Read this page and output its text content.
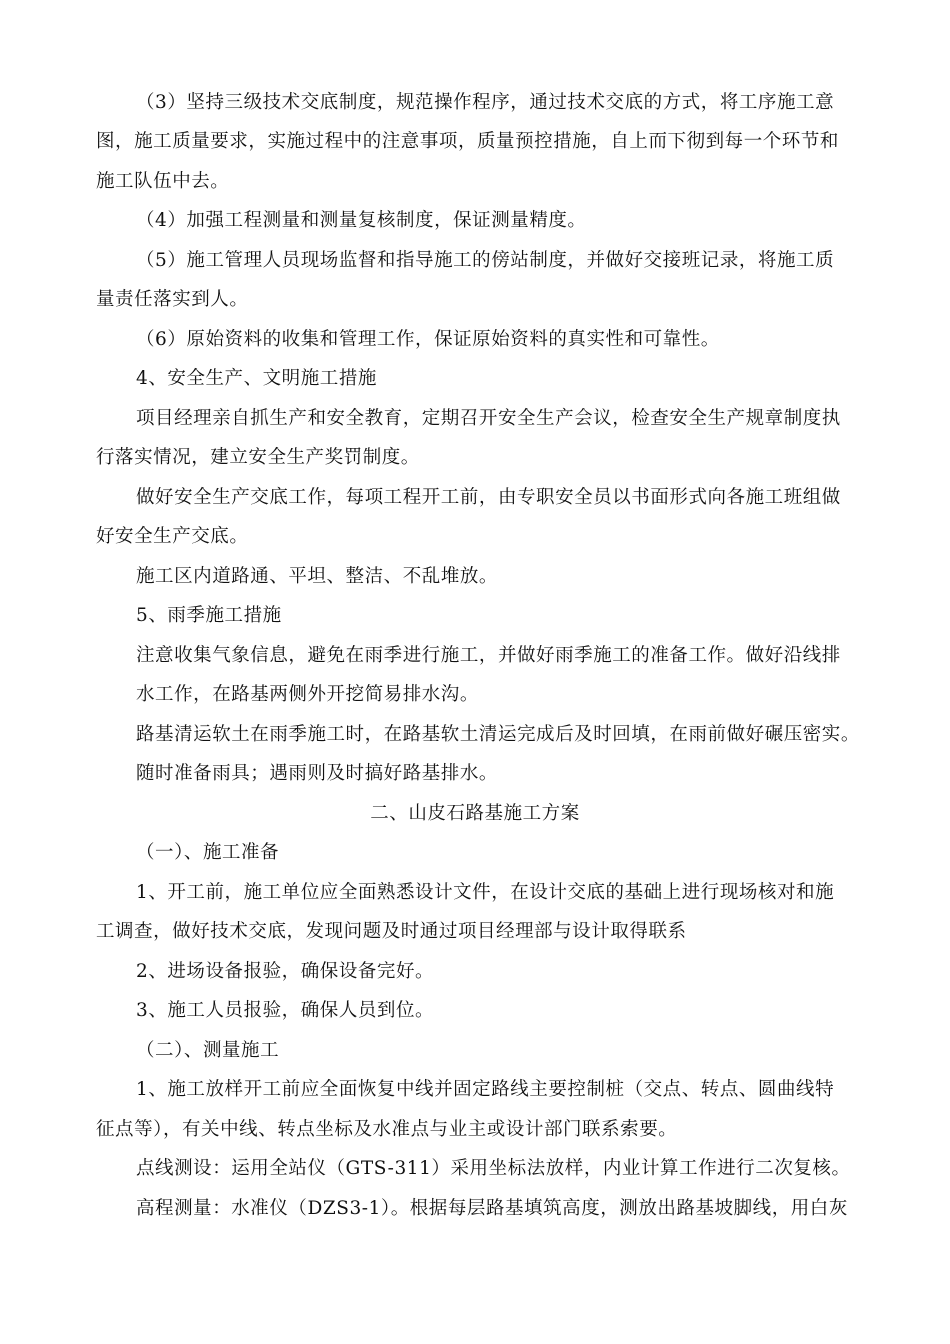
（3）坚持三级技术交底制度，规范操作程序，通过技术交底的方式，将工序施工意
图，施工质量要求，实施过程中的注意事项，质量预控措施，自上而下彻到每一个环节和
施工队伍中去。
（4）加强工程测量和测量复核制度，保证测量精度。
（5）施工管理人员现场监督和指导施工的傍站制度，并做好交接班记录，将施工质
量责任落实到人。
（6）原始资料的收集和管理工作，保证原始资料的真实性和可靠性。
4、安全生产、文明施工措施
项目经理亲自抓生产和安全教育，定期召开安全生产会议，检查安全生产规章制度执
行落实情况，建立安全生产奖罚制度。
做好安全生产交底工作，每项工程开工前，由专职安全员以书面形式向各施工班组做
好安全生产交底。
施工区内道路通、平坦、整洁、不乱堆放。
5、雨季施工措施
注意收集气象信息，避免在雨季进行施工，并做好雨季施工的准备工作。做好沿线排
水工作，在路基两侧外开挖简易排水沟。
路基清运软土在雨季施工时，在路基软土清运完成后及时回填，在雨前做好碾压密实。
随时准备雨具；遇雨则及时搞好路基排水。
二、山皮石路基施工方案
（一）、施工准备
1、开工前，施工单位应全面熟悉设计文件，在设计交底的基础上进行现场核对和施
工调查，做好技术交底，发现问题及时通过项目经理部与设计取得联系
2、进场设备报验，确保设备完好。
3、施工人员报验，确保人员到位。
（二）、测量施工
1、施工放样开工前应全面恢复中线并固定路线主要控制桩（交点、转点、圆曲线特
征点等），有关中线、转点坐标及水准点与业主或设计部门联系索要。
点线测设：运用全站仪（GTS-311）采用坐标法放样，内业计算工作进行二次复核。
高程测量：水准仪（DZS3-1）。根据每层路基填筑高度，测放出路基坡脚线，用白灰
